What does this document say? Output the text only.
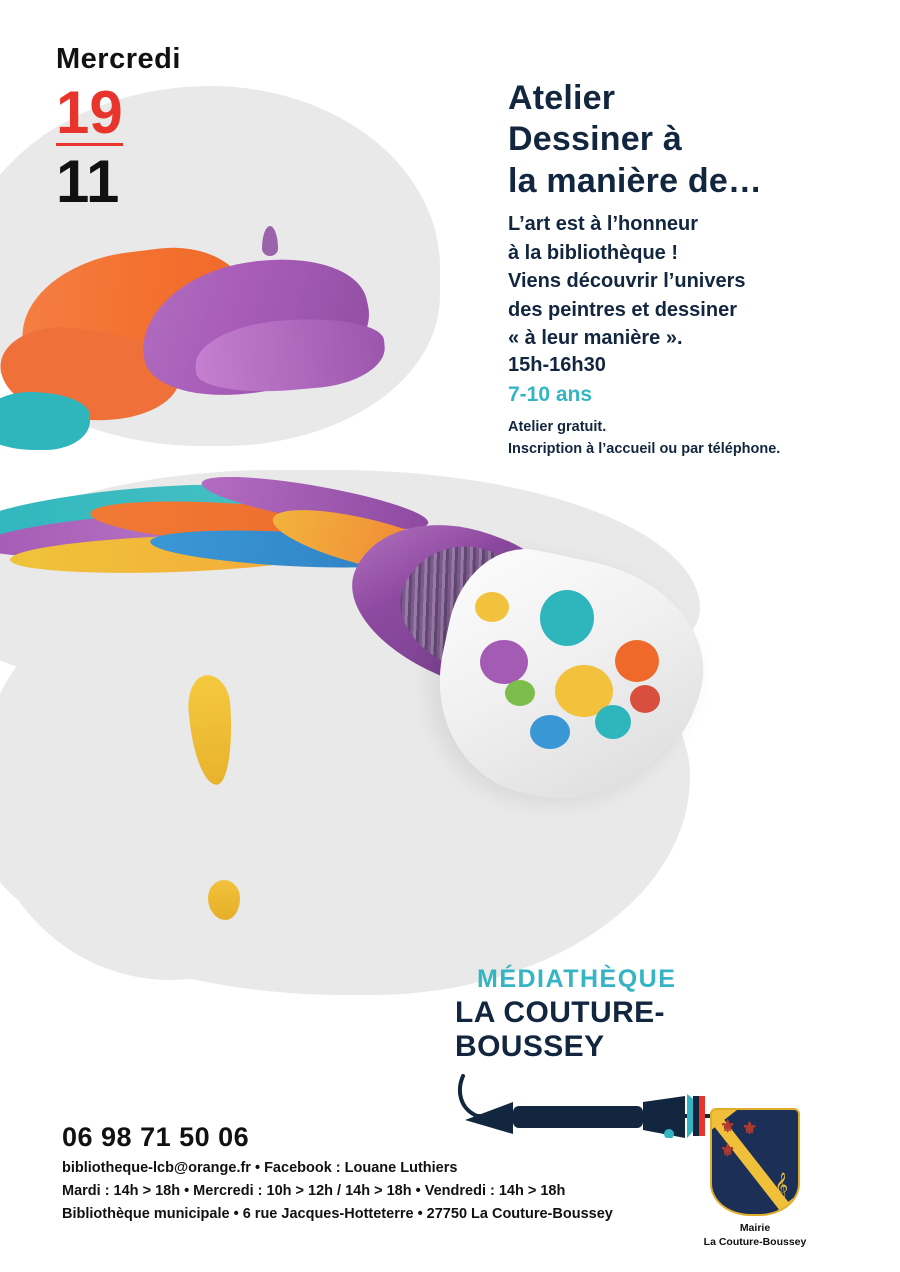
Mercredi
19
11
Atelier
Dessiner à
la manière de…
L’art est à l’honneur
à la bibliothèque !
Viens découvrir l’univers
des peintres et dessiner
« à leur manière ».
15h-16h30
7-10 ans
Atelier gratuit.
Inscription à l’accueil ou par téléphone.
MÉDIATHÈQUE
LA COUTURE-BOUSSEY
06 98 71 50 06
bibliotheque-lcb@orange.fr • Facebook : Louane Luthiers
Mardi : 14h > 18h • Mercredi : 10h > 12h / 14h > 18h • Vendredi : 14h > 18h
Bibliothèque municipale • 6 rue Jacques-Hotteterre • 27750 La Couture-Boussey
⚜
⚜
⚜
𝄞
Mairie
La Couture-Boussey
